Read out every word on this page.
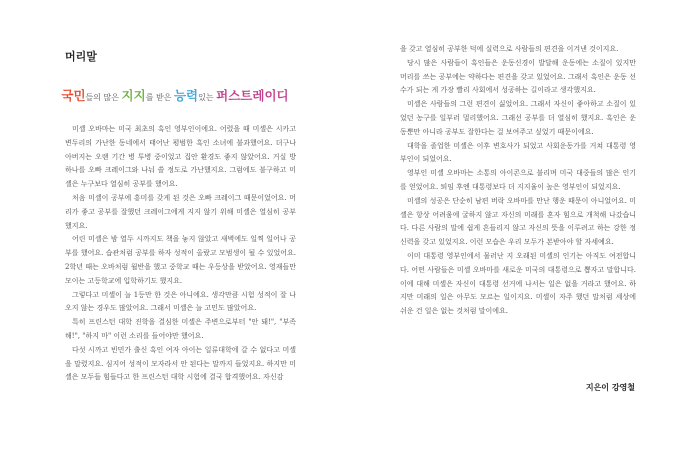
머리말
국민들의 많은 지지를 받은 능력있는 퍼스트레이디

미셸 오바마는 미국 최초의 흑인 영부인이에요. 어렸을 때 미셸은 시카고 변두리의 가난한 동네에서 태어난 평범한 흑인 소녀에 불과했어요. 더구나 아버지는 오랜 기간 병 투병 중이었고 집안 환경도 좋지 않았어요. 거실 방 하나를 오빠 크레이그와 나눠 쓸 정도로 가난했지요. 그럼에도 불구하고 미셸은 누구보다 열심히 공부를 했어요.

처음 미셸이 공부에 흥미를 갖게 된 것은 오빠 크레이그 때문이었어요. 머리가 좋고 공부를 잘했던 크레이그에게 지지 않기 위해 미셸은 열심히 공부했지요.

어린 미셸은 밤 열두 시까지도 책을 놓지 않았고 새벽에도 일찍 일어나 공부를 했어요. 습관처럼 공부를 하자 성적이 올랐고 모범생이 될 수 있었어요. 2학년 때는 오바처럼 월반을 했고 중학교 때는 우등상을 받았어요. 영재들만 모이는 고등학교에 입학하기도 했지요.

그렇다고 미셸이 늘 1등만 한 것은 아니에요. 생각만큼 시험 성적이 잘 나오지 않는 경우도 많았어요. 그래서 미셸은 늘 고민도 많았어요.

특히 프린스턴 대학 진학을 결심한 미셸은 주변으로부터 "안 돼!", "부족해!", "하지 마" 이런 소리를 들어야만 했어요.

다섯 시까고 빈민가 출신 흑인 여자 아이는 일류대학에 갈 수 없다고 미셸을 말렸지요. 심지어 성적이 모자라서 안 된다는 말까지 들었지요. 하지만 미셸은 모두들 힘들다고 한 프린스턴 대학 시험에 결국 합격했어요. 자신감

을 갖고 열심히 공부한 덕에 실력으로 사람들의 편견을 이겨낸 것이지요.

당시 많은 사람들이 흑인들은 운동신경이 발달해 운동에는 소질이 있지만 머리를 쓰는 공부에는 약하다는 편견을 갖고 있었어요. 그래서 흑인은 운동 선수가 되는 게 가장 빨리 사회에서 성공하는 길이라고 생각했지요.

미셸은 사람들의 그런 편견이 싫었어요. 그래서 자신이 좋아하고 소질이 있었던 농구를 일부러 멀리했어요. 그래선 공부를 더 열심히 했지요. 흑인은 운동뿐만 아니라 공부도 잘한다는 걸 보여주고 싶었기 때문이에요.

대학을 졸업한 미셸은 이후 변호사가 되었고 사회운동가를 거쳐 대통령 영부인이 되었어요.

영부인 미셸 오바마는 소통의 아이콘으로 불리며 미국 대중들의 많은 인기를 얻었어요. 퇴임 후엔 대통령보다 더 지지율이 높은 영부인이 되었지요.

미셸의 성공은 단순히 남편 버락 오바마를 만난 행운 때문이 아니었어요. 미셸은 항상 어려움에 굴하지 않고 자신의 미래를 혼자 힘으로 개척해 나갔습니다. 다른 사람의 말에 쉽게 흔들리지 않고 자신의 뜻을 이루려고 하는 강한 정신력을 갖고 있었지요. 이런 모습은 우리 모두가 본받아야 할 자세예요.

이미 대통령 영부인에서 물러난 지 오래된 미셸의 인기는 아직도 여전합니다. 어떤 사람들은 미셸 오바마를 새로운 미국의 대통령으로 뽑자고 말합니다. 이에 대해 미셸은 자신이 대통령 선거에 나서는 일은 없을 거라고 했어요. 하지만 미래의 일은 아무도 모르는 일이지요. 미셸이 자주 했던 말처럼 세상에 쉬운 건 일은 없는 것처럼 말이에요.

지은이 강영철
